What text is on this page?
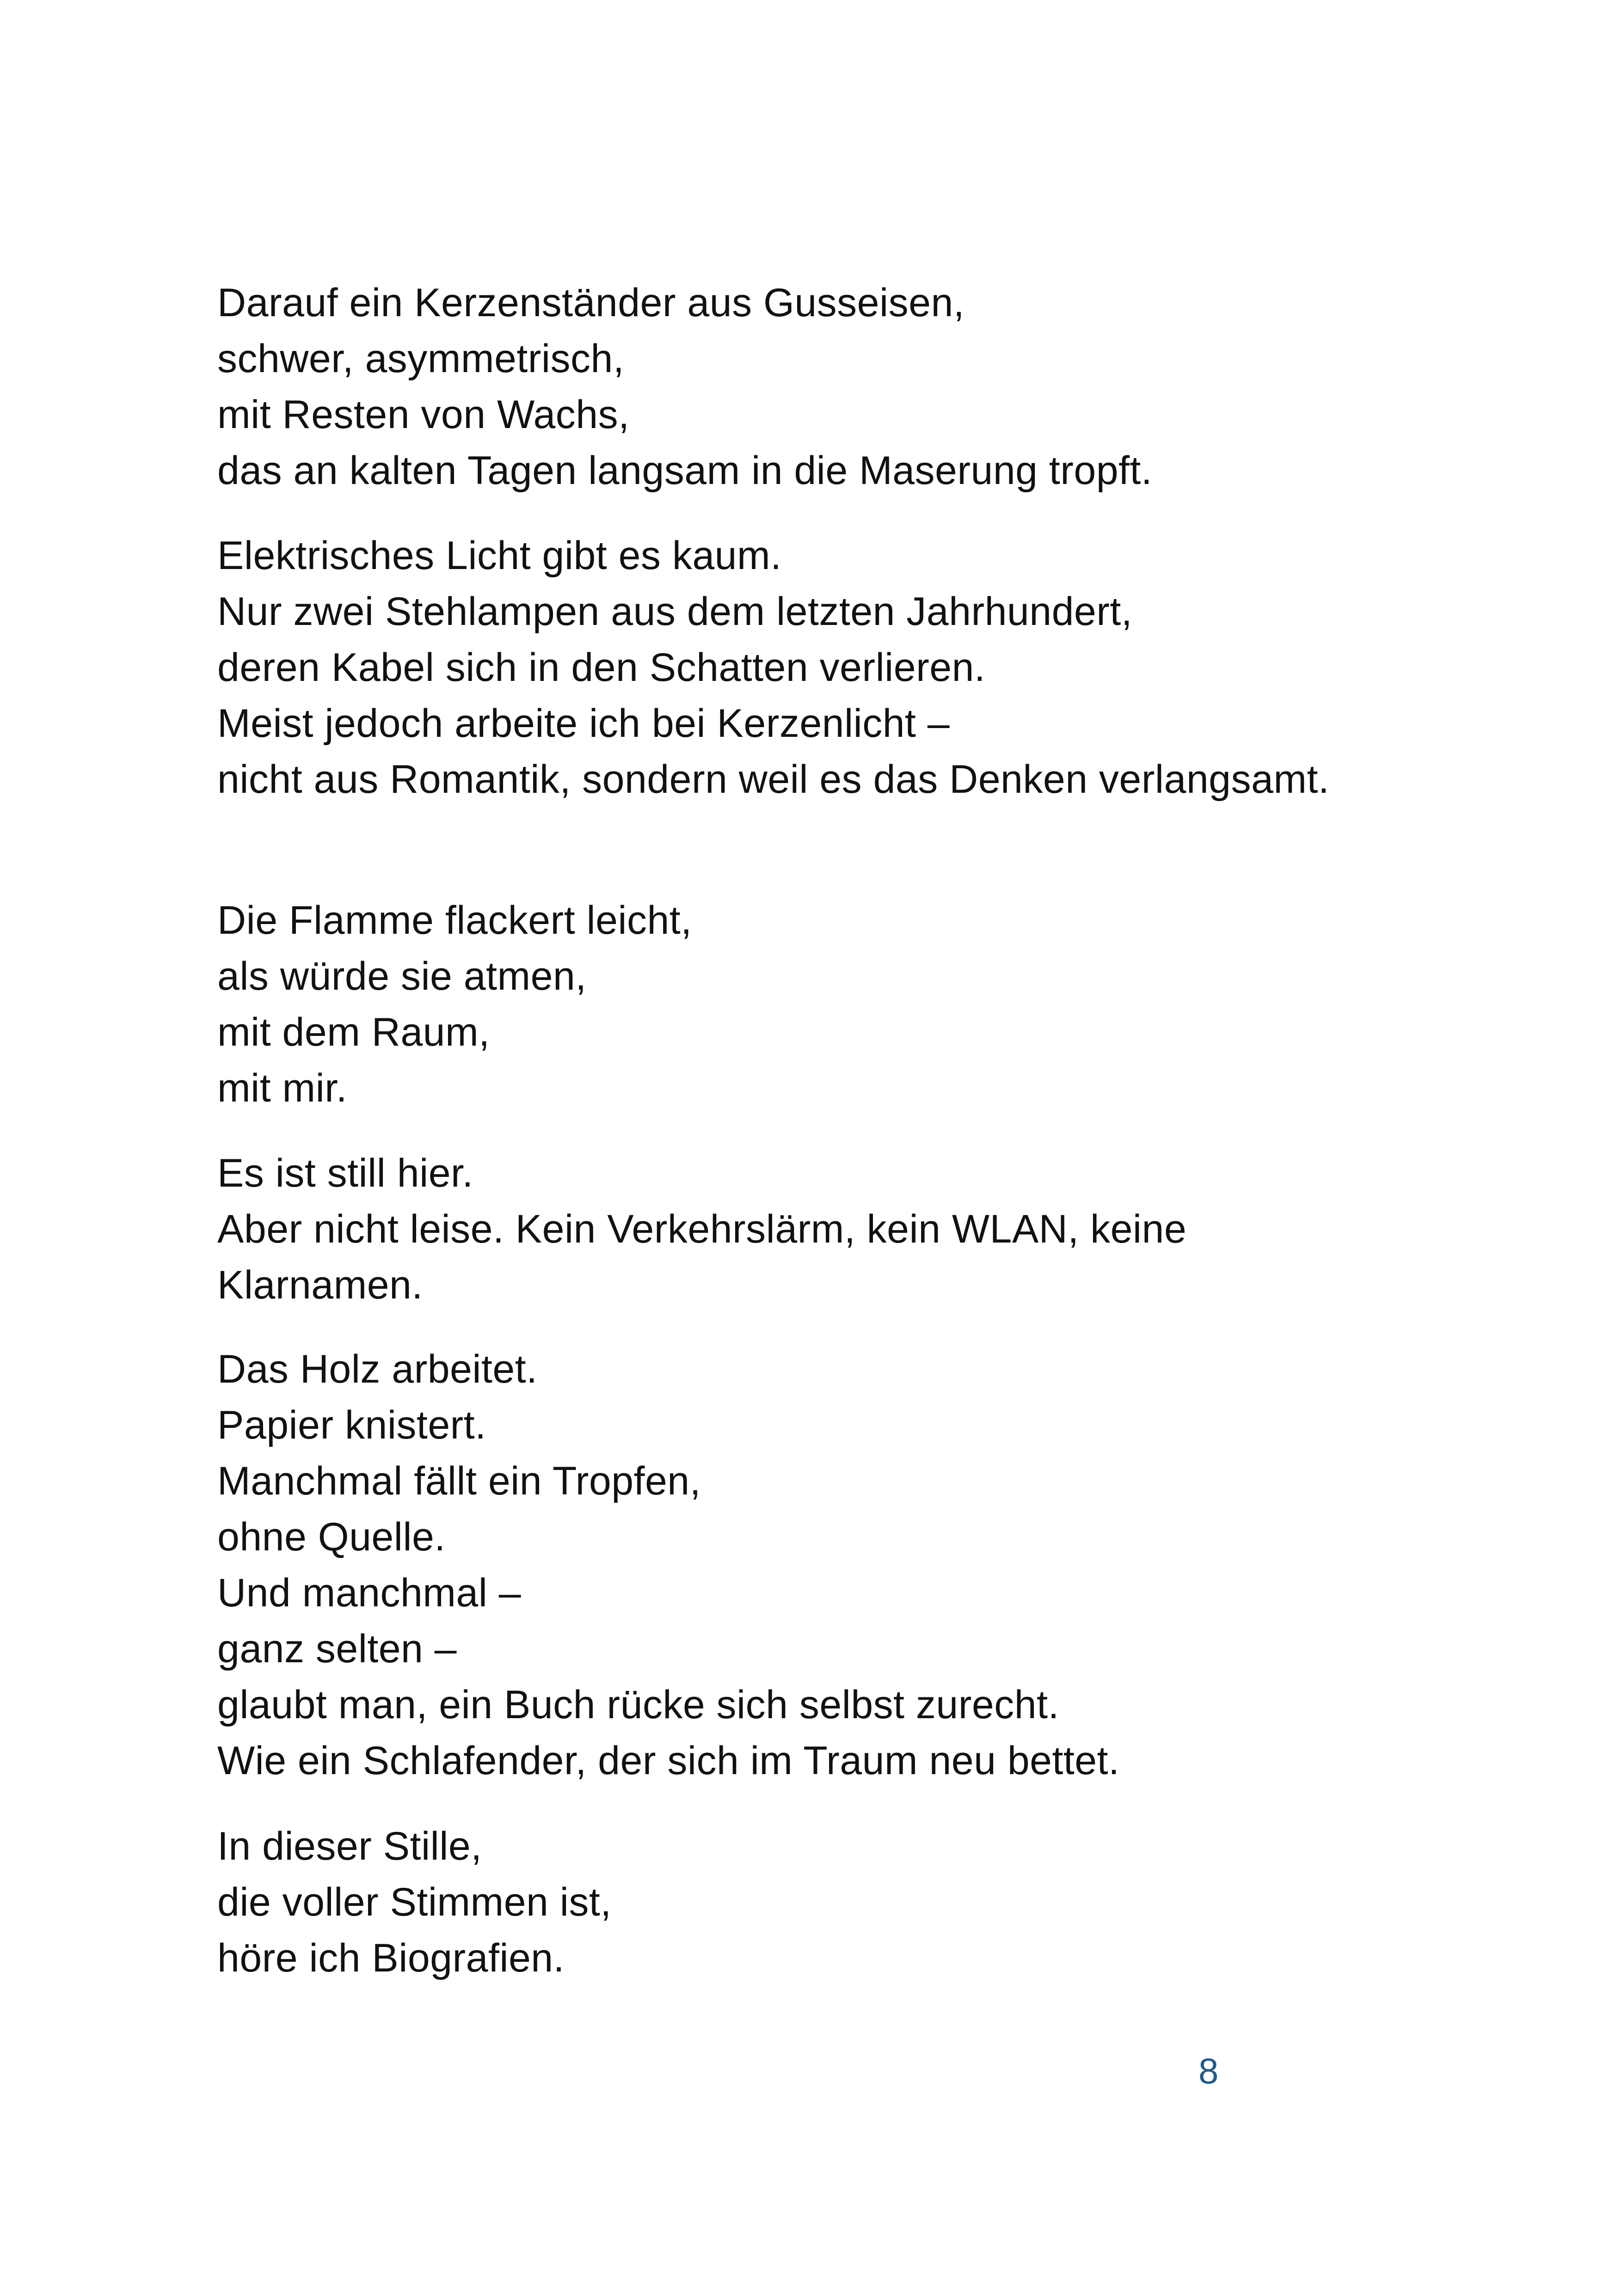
Darauf ein Kerzenständer aus Gusseisen,
schwer, asymmetrisch,
mit Resten von Wachs,
das an kalten Tagen langsam in die Maserung tropft.

Elektrisches Licht gibt es kaum.
Nur zwei Stehlampen aus dem letzten Jahrhundert,
deren Kabel sich in den Schatten verlieren.
Meist jedoch arbeite ich bei Kerzenlicht –
nicht aus Romantik, sondern weil es das Denken verlangsamt.

Die Flamme flackert leicht,
als würde sie atmen,
mit dem Raum,
mit mir.

Es ist still hier.
Aber nicht leise. Kein Verkehrslärm, kein WLAN, keine
Klarnamen.

Das Holz arbeitet.
Papier knistert.
Manchmal fällt ein Tropfen,
ohne Quelle.
Und manchmal –
ganz selten –
glaubt man, ein Buch rücke sich selbst zurecht.
Wie ein Schlafender, der sich im Traum neu bettet.

In dieser Stille,
die voller Stimmen ist,
höre ich Biografien.

8
